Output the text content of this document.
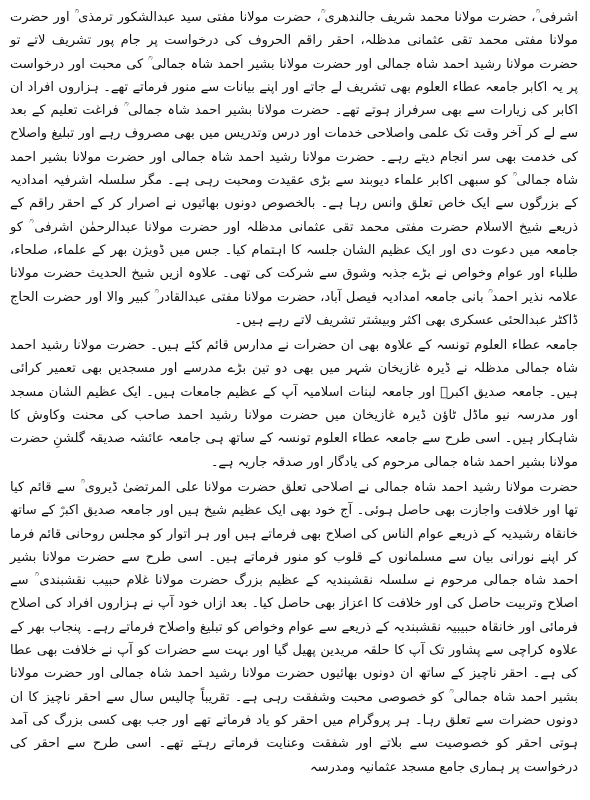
اشرفی ؒ، حضرت مولانا محمد شریف جالندھری ؒ، حضرت مولانا مفتی سید عبدالشکور ترمذی ؒ اور حضرت مولانا مفتی محمد تقی عثمانی مدظلہ، احقر راقم الحروف کی درخواست پر جام پور تشریف لاتے تو حضرت مولانا رشید احمد شاہ جمالی اور حضرت مولانا بشیر احمد شاہ جمالی ؒ کی محبت اور درخواست پر یہ اکابر جامعہ عطاء العلوم بھی تشریف لے جاتے اور اپنے بیانات سے منور فرماتے تھے۔ ہزاروں افراد ان اکابر کی زیارات سے بھی سرفراز ہوتے تھے۔ حضرت مولانا بشیر احمد شاہ جمالی ؒ فراغت تعلیم کے بعد سے لے کر آخر وقت تک علمی واصلاحی خدمات اور درس وتدریس میں بھی مصروف رہے اور تبلیغ واصلاح کی خدمت بھی سر انجام دیتے رہے۔ حضرت مولانا رشید احمد شاہ جمالی اور حضرت مولانا بشیر احمد شاہ جمالی ؒ کو سبھی اکابر علماء دیوبند سے بڑی عقیدت ومحبت رہی ہے۔ مگر سلسلہ اشرفیہ امدادیہ کے بزرگوں سے ایک خاص تعلق وانس رہا ہے۔ بالخصوص دونوں بھائیوں نے اصرار کر کے احقر راقم کے ذریعے شیخ الاسلام حضرت مفتی محمد تقی عثمانی مدظلہ اور حضرت مولانا عبدالرحمٰن اشرفی ؒ کو جامعہ میں دعوت دی اور ایک عظیم الشان جلسہ کا اہتمام کیا۔ جس میں ڈویژن بھر کے علماء، صلحاء، طلباء اور عوام وخواص نے بڑے جذبہ وشوق سے شرکت کی تھی۔ علاوہ ازیں شیخ الحدیث حضرت مولانا علامہ نذیر احمد ؒ بانی جامعہ امدادیہ فیصل آباد، حضرت مولانا مفتی عبدالقادر ؒ کبیر والا اور حضرت الحاج ڈاکٹر عبدالحئی عسکری بھی اکثر وبیشتر تشریف لاتے رہے ہیں۔

جامعہ عطاء العلوم تونسہ کے علاوہ بھی ان حضرات نے مدارس قائم کئے ہیں۔ حضرت مولانا رشید احمد شاہ جمالی مدظلہ نے ڈیرہ غازیخان شہر میں بھی دو تین بڑے مدرسے اور مسجدیں بھی تعمیر کرائی ہیں۔ جامعہ صدیق اکبرؓ اور جامعہ لبنات اسلامیہ آپ کے عظیم جامعات ہیں۔ ایک عظیم الشان مسجد اور مدرسہ نیو ماڈل ٹاؤن ڈیرہ غازیخان میں حضرت مولانا رشید احمد صاحب کی محنت وکاوش کا شاہکار ہیں۔ اسی طرح سے جامعہ عطاء العلوم تونسہ کے ساتھ ہی جامعہ عائشہ صدیقہ گلشنِ حضرت مولانا بشیر احمد شاہ جمالی مرحوم کی یادگار اور صدقہ جاریہ ہے۔

حضرت مولانا رشید احمد شاہ جمالی نے اصلاحی تعلق حضرت مولانا علی المرتضیٰ ڈیروی ؒ سے قائم کیا تھا اور خلافت واجازت بھی حاصل ہوئی۔ آج خود بھی ایک عظیم شیخ ہیں اور جامعہ صدیق اکبرؓ کے ساتھ خانقاہ رشیدیہ کے ذریعے عوام الناس کی اصلاح بھی فرماتے ہیں اور ہر اتوار کو مجلس روحانی قائم فرما کر اپنے نورانی بیان سے مسلمانوں کے قلوب کو منور فرماتے ہیں۔ اسی طرح سے حضرت مولانا بشیر احمد شاہ جمالی مرحوم نے سلسلہ نقشبندیہ کے عظیم بزرگ حضرت مولانا غلام حبیب نقشبندی ؒ سے اصلاح وتربیت حاصل کی اور خلافت کا اعزاز بھی حاصل کیا۔ بعد ازاں خود آپ نے ہزاروں افراد کی اصلاح فرمائی اور خانقاہ حبیبیہ نقشبندیہ کے ذریعے سے عوام وخواص کو تبلیغ واصلاح فرماتے رہے۔ پنجاب بھر کے علاوہ کراچی سے پشاور تک آپ کا حلقہ مریدین پھیل گیا اور بہت سے حضرات کو آپ نے خلافت بھی عطا کی ہے۔ احقر ناچیز کے ساتھ ان دونوں بھائیوں حضرت مولانا رشید احمد شاہ جمالی اور حضرت مولانا بشیر احمد شاہ جمالی ؒ کو خصوصی محبت وشفقت رہی ہے۔ تقریباً چالیس سال سے احقر ناچیز کا ان دونوں حضرات سے تعلق رہا۔ ہر پروگرام میں احقر کو یاد فرماتے تھے اور جب بھی کسی بزرگ کی آمد ہوتی احقر کو خصوصیت سے بلاتے اور شفقت وعنایت فرماتے رہتے تھے۔ اسی طرح سے احقر کی درخواست پر ہماری جامع مسجد عثمانیہ ومدرسہ
